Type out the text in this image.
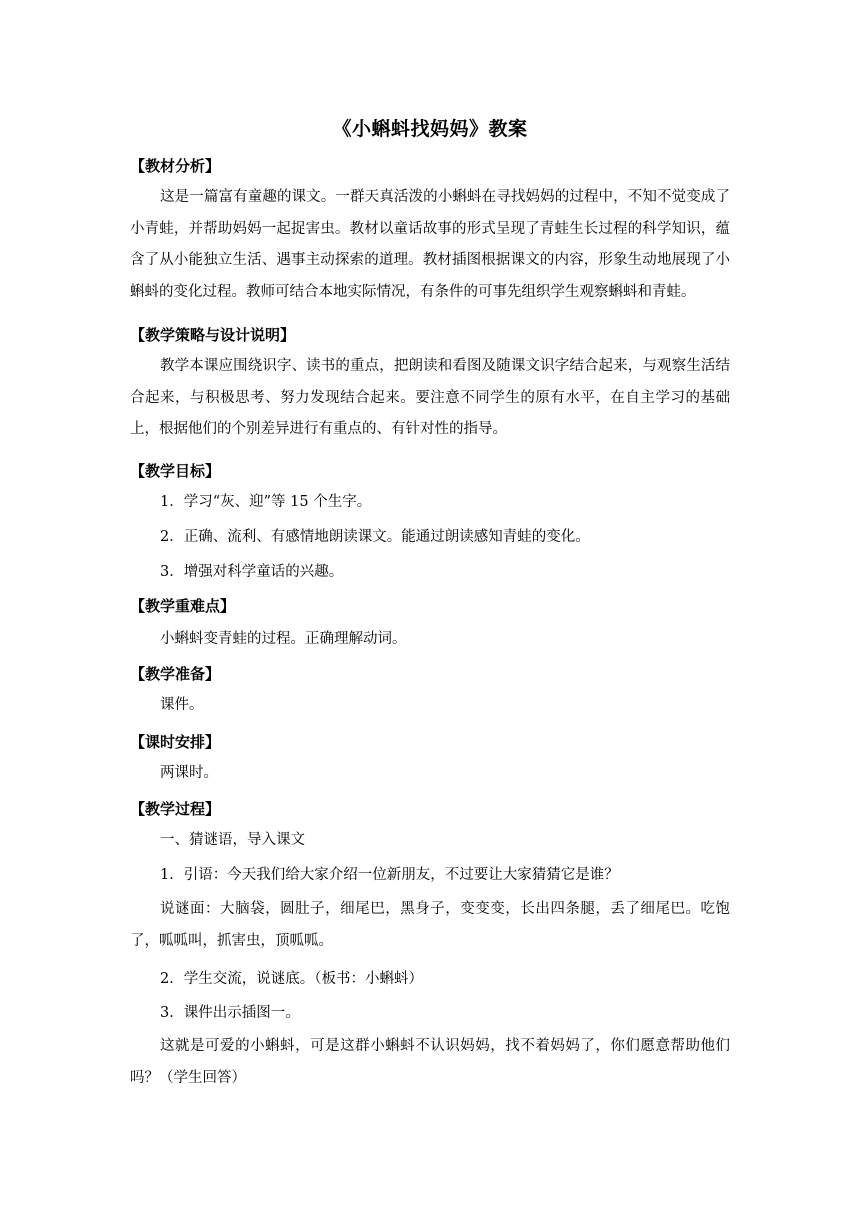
《小蝌蚪找妈妈》教案
【教材分析】
这是一篇富有童趣的课文。一群天真活泼的小蝌蚪在寻找妈妈的过程中，不知不觉变成了小青蛙，并帮助妈妈一起捉害虫。教材以童话故事的形式呈现了青蛙生长过程的科学知识，蕴含了从小能独立生活、遇事主动探索的道理。教材插图根据课文的内容，形象生动地展现了小蝌蚪的变化过程。教师可结合本地实际情况，有条件的可事先组织学生观察蝌蚪和青蛙。
【教学策略与设计说明】
教学本课应围绕识字、读书的重点，把朗读和看图及随课文识字结合起来，与观察生活结合起来，与积极思考、努力发现结合起来。要注意不同学生的原有水平，在自主学习的基础上，根据他们的个别差异进行有重点的、有针对性的指导。
【教学目标】
1．学习“灰、迎”等 15 个生字。
2．正确、流利、有感情地朗读课文。能通过朗读感知青蛙的变化。
3．增强对科学童话的兴趣。
【教学重难点】
小蝌蚪变青蛙的过程。正确理解动词。
【教学准备】
课件。
【课时安排】
两课时。
【教学过程】
一、猜谜语，导入课文
1．引语：今天我们给大家介绍一位新朋友，不过要让大家猜猜它是谁？
说谜面：大脑袋，圆肚子，细尾巴，黑身子，变变变，长出四条腿，丢了细尾巴。吃饱了，呱呱叫，抓害虫，顶呱呱。
2．学生交流，说谜底。（板书：小蝌蚪）
3．课件出示插图一。
这就是可爱的小蝌蚪，可是这群小蝌蚪不认识妈妈，找不着妈妈了，你们愿意帮助他们吗？（学生回答）
